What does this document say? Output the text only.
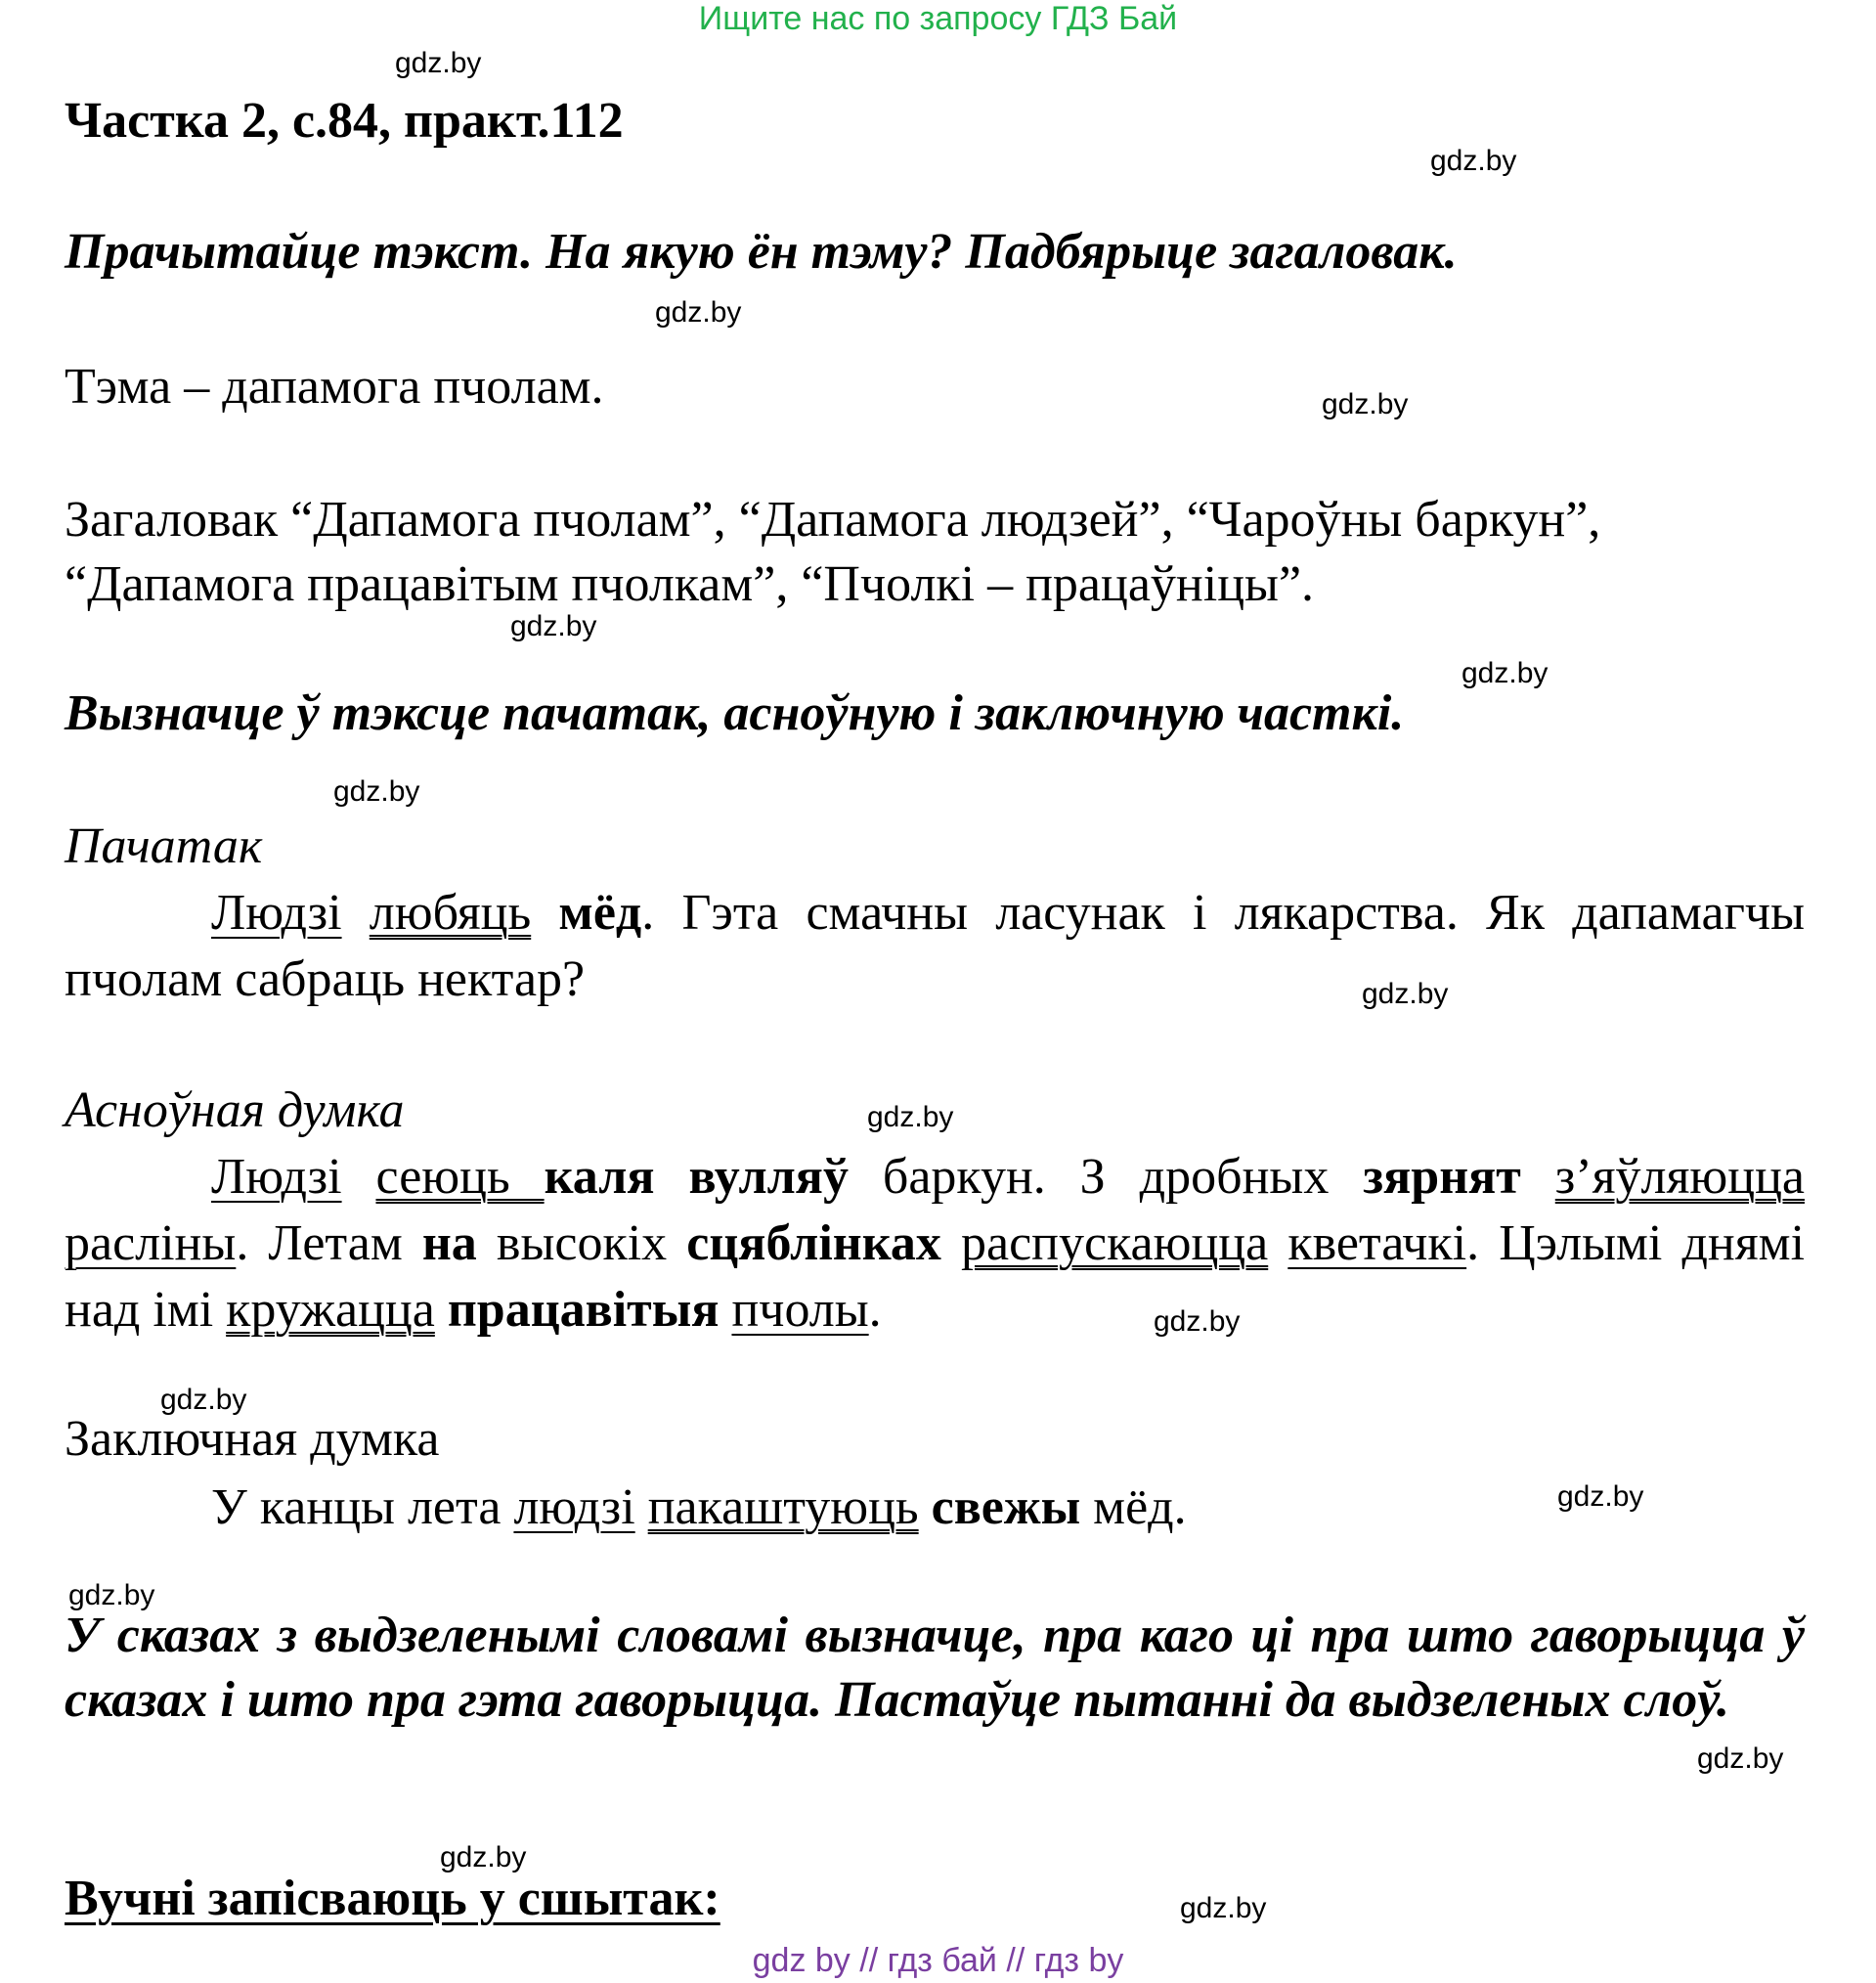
Ищите нас по запросу ГДЗ Бай
gdz.by
gdz.by
gdz.by
gdz.by
gdz.by
gdz.by
gdz.by
gdz.by
gdz.by
gdz.by
gdz.by
gdz.by
gdz.by
gdz.by
gdz.by
gdz.by
Частка 2, с.84, практ.112
Прачытайце тэкст. На якую ён тэму? Падбярыце загаловак.
Тэма – дапамога пчолам.
Загаловак “Дапамога пчолам”, “Дапамога людзей”, “Чароўны баркун”,
“Дапамога працавітым пчолкам”, “Пчолкі – працаўніцы”.
Вызначце ў тэксце пачатак, асноўную і заключную часткі.
Пачатак
Людзі любяць мёд. Гэта смачны ласунак і лякарства. Як дапамагчы пчолам сабраць нектар?
Асноўная думка
Людзі сеюць каля вулляў баркун. З дробных зярнят з’яўляюцца расліны. Летам на высокіх сцяблінках распускаюцца кветачкі. Цэлымі днямі над імі кружацца працавітыя пчолы.
Заключная думка
У канцы лета людзі пакаштуюць свежы мёд.
У сказах з выдзеленымі словамі вызначце, пра каго ці пра што гаворыцца ў сказах і што пра гэта гаворыцца. Пастаўце пытанні да выдзеленых слоў.
Вучні запісваюць у сшытак:
gdz by // гдз бай // гдз by
